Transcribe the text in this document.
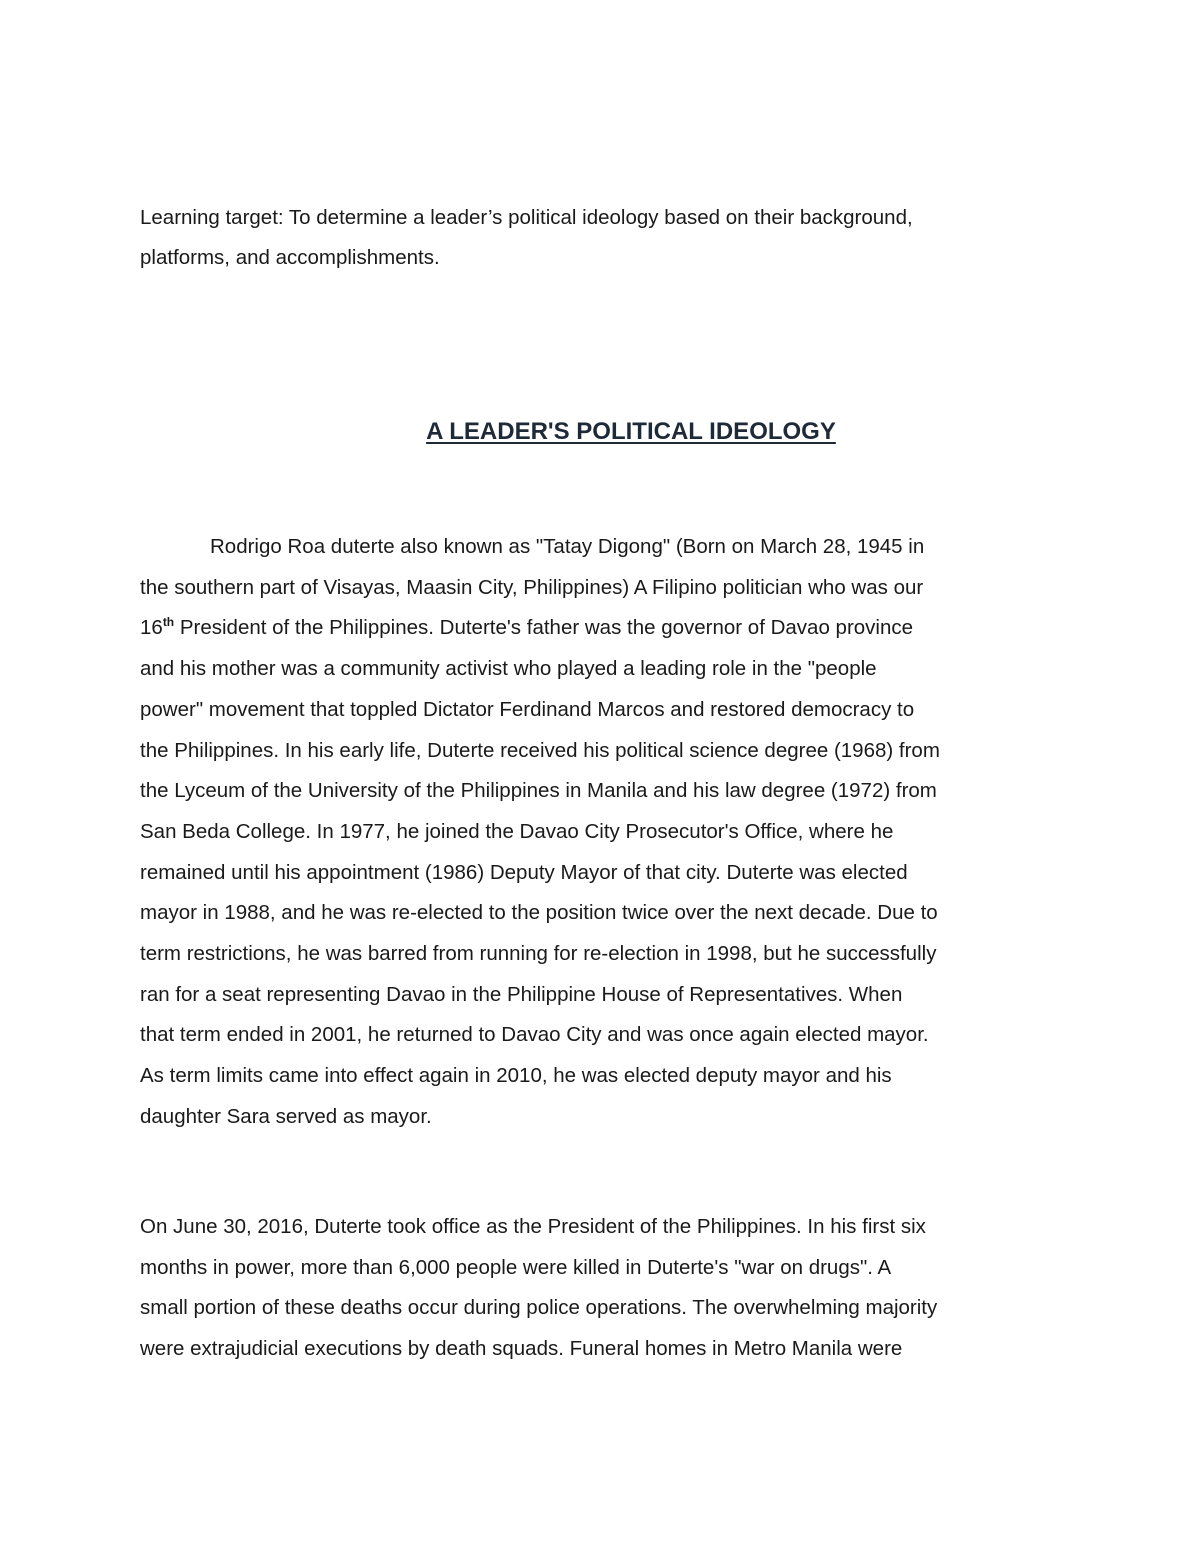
Learning target: To determine a leader’s political ideology based on their background,
platforms, and accomplishments.
A LEADER'S POLITICAL IDEOLOGY
Rodrigo Roa duterte also known as "Tatay Digong" (Born on March 28, 1945 in
the southern part of Visayas, Maasin City, Philippines) A Filipino politician who was our
16th President of the Philippines. Duterte's father was the governor of Davao province
and his mother was a community activist who played a leading role in the "people
power" movement that toppled Dictator Ferdinand Marcos and restored democracy to
the Philippines. In his early life, Duterte received his political science degree (1968) from
the Lyceum of the University of the Philippines in Manila and his law degree (1972) from
San Beda College. In 1977, he joined the Davao City Prosecutor's Office, where he
remained until his appointment (1986) Deputy Mayor of that city. Duterte was elected
mayor in 1988, and he was re-elected to the position twice over the next decade. Due to
term restrictions, he was barred from running for re-election in 1998, but he successfully
ran for a seat representing Davao in the Philippine House of Representatives. When
that term ended in 2001, he returned to Davao City and was once again elected mayor.
As term limits came into effect again in 2010, he was elected deputy mayor and his
daughter Sara served as mayor.
On June 30, 2016, Duterte took office as the President of the Philippines. In his first six
months in power, more than 6,000 people were killed in Duterte's "war on drugs". A
small portion of these deaths occur during police operations. The overwhelming majority
were extrajudicial executions by death squads. Funeral homes in Metro Manila were
